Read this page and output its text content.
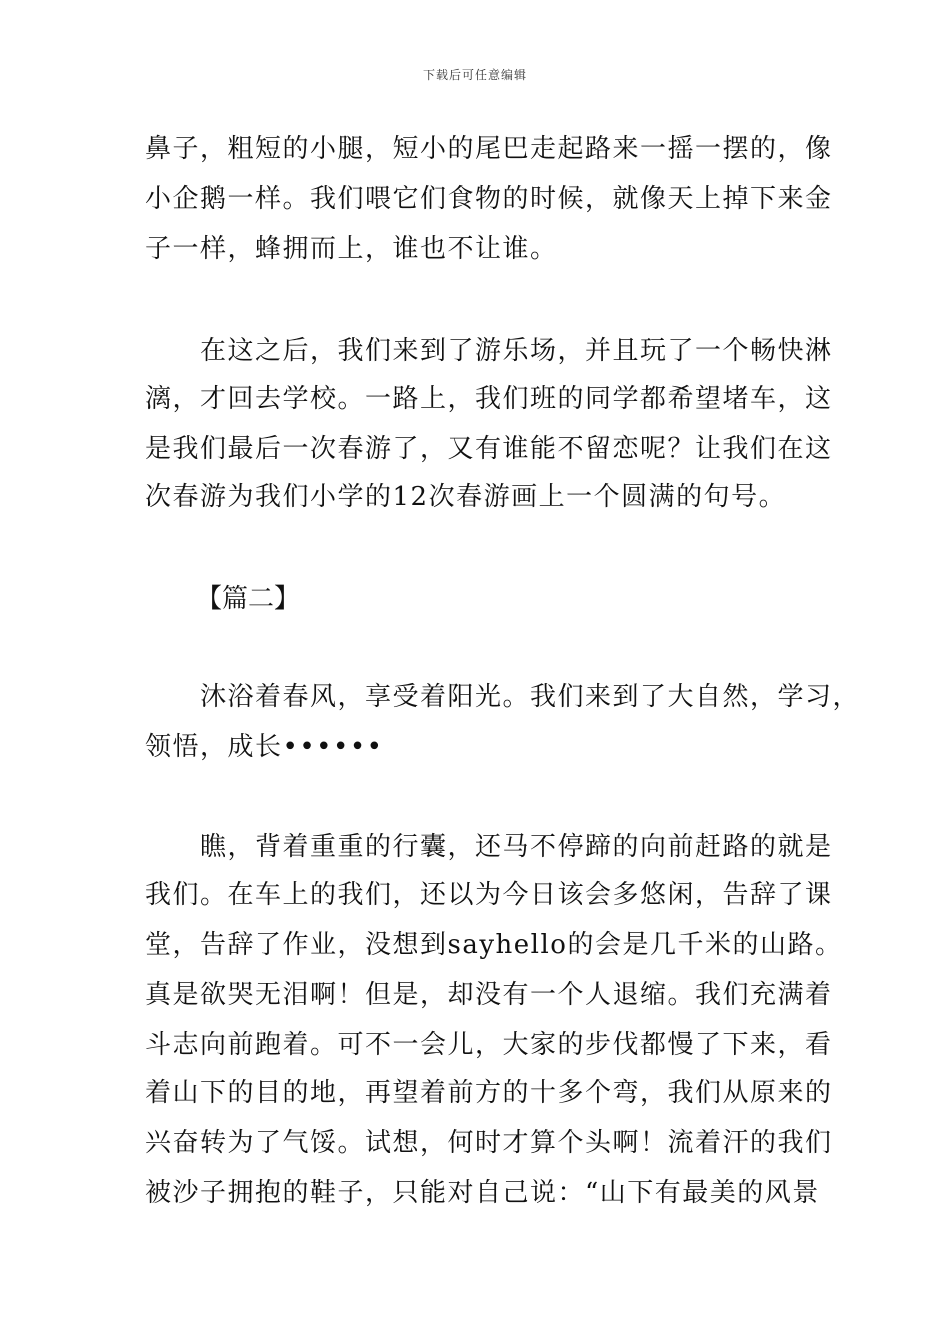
下载后可任意编辑
鼻子，粗短的小腿，短小的尾巴走起路来一摇一摆的，像
小企鹅一样。我们喂它们食物的时候，就像天上掉下来金
子一样，蜂拥而上，谁也不让谁。
　　在这之后，我们来到了游乐场，并且玩了一个畅快淋
漓，才回去学校。一路上，我们班的同学都希望堵车，这
是我们最后一次春游了，又有谁能不留恋呢？让我们在这
次春游为我们小学的12次春游画上一个圆满的句号。
【篇二】
　　沐浴着春风，享受着阳光。我们来到了大自然，学习，
领悟，成长••••••
　　瞧，背着重重的行囊，还马不停蹄的向前赶路的就是
我们。在车上的我们，还以为今日该会多悠闲，告辞了课
堂，告辞了作业，没想到sayhello的会是几千米的山路。
真是欲哭无泪啊！但是，却没有一个人退缩。我们充满着
斗志向前跑着。可不一会儿，大家的步伐都慢了下来，看
着山下的目的地，再望着前方的十多个弯，我们从原来的
兴奋转为了气馁。试想，何时才算个头啊！流着汗的我们
被沙子拥抱的鞋子，只能对自己说：“山下有最美的风景
